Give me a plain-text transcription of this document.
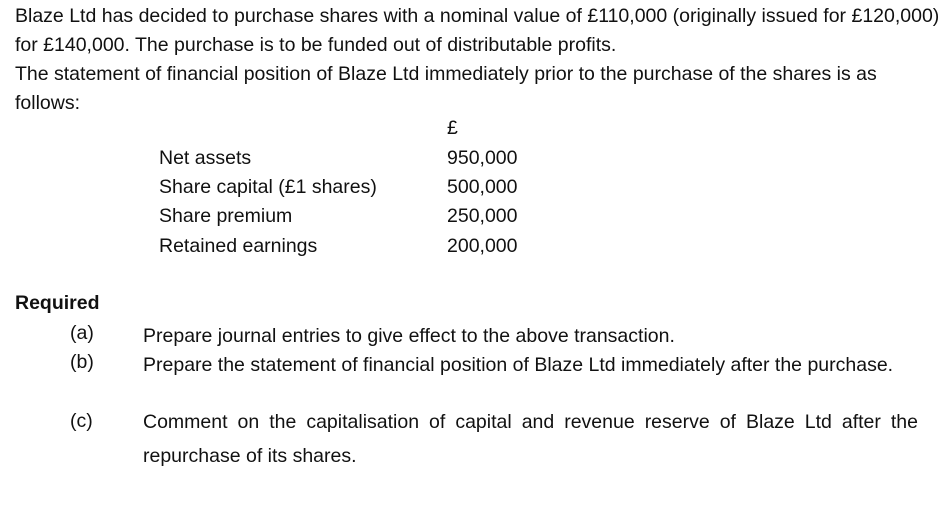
Blaze Ltd has decided to purchase shares with a nominal value of £110,000 (originally issued for £120,000) for £140,000. The purchase is to be funded out of distributable profits.

The statement of financial position of Blaze Ltd immediately prior to the purchase of the shares is as follows:

£
Net assets	950,000
Share capital (£1 shares)	500,000
Share premium	250,000
Retained earnings	200,000
Required
(a)	Prepare journal entries to give effect to the above transaction.
(b)	Prepare the statement of financial position of Blaze Ltd immediately after the purchase.
(c)	Comment on the capitalisation of capital and revenue reserve of Blaze Ltd after the repurchase of its shares.
